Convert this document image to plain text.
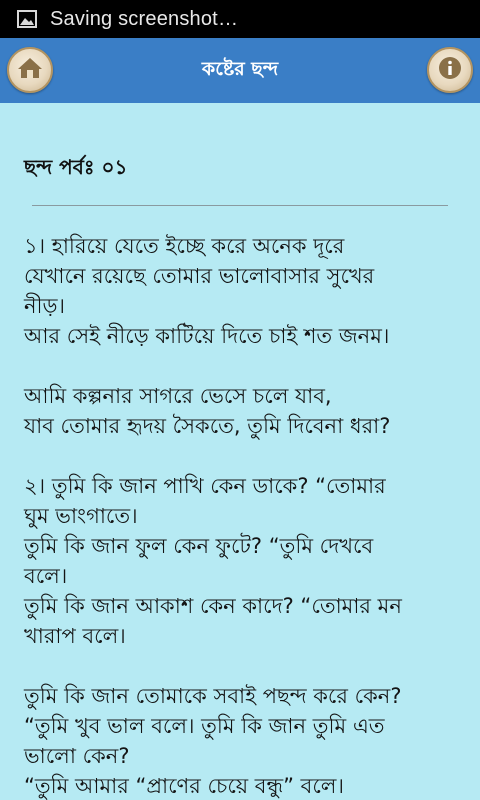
Saving screenshot…
কষ্টের ছন্দ
ছন্দ পর্বঃ ০১
১। হারিয়ে যেতে ইচ্ছে করে অনেক দূরে
যেখানে রয়েছে তোমার ভালোবাসার সুখের
নীড়।
আর সেই নীড়ে কাটিয়ে দিতে চাই শত জনম।
আমি কল্পনার সাগরে ভেসে চলে যাব,
যাব তোমার হৃদয় সৈকতে, তুমি দিবেনা ধরা?
২। তুমি কি জান পাখি কেন ডাকে? “তোমার
ঘুম ভাংগাতে।
তুমি কি জান ফুল কেন ফুটে? “তুমি দেখবে
বলে।
তুমি কি জান আকাশ কেন কাদে? “তোমার মন
খারাপ বলে।
তুমি কি জান তোমাকে সবাই পছন্দ করে কেন?
“তুমি খুব ভাল বলে। তুমি কি জান তুমি এত
ভালো কেন?
“তুমি আমার “প্রাণের চেয়ে বন্ধু” বলে।
